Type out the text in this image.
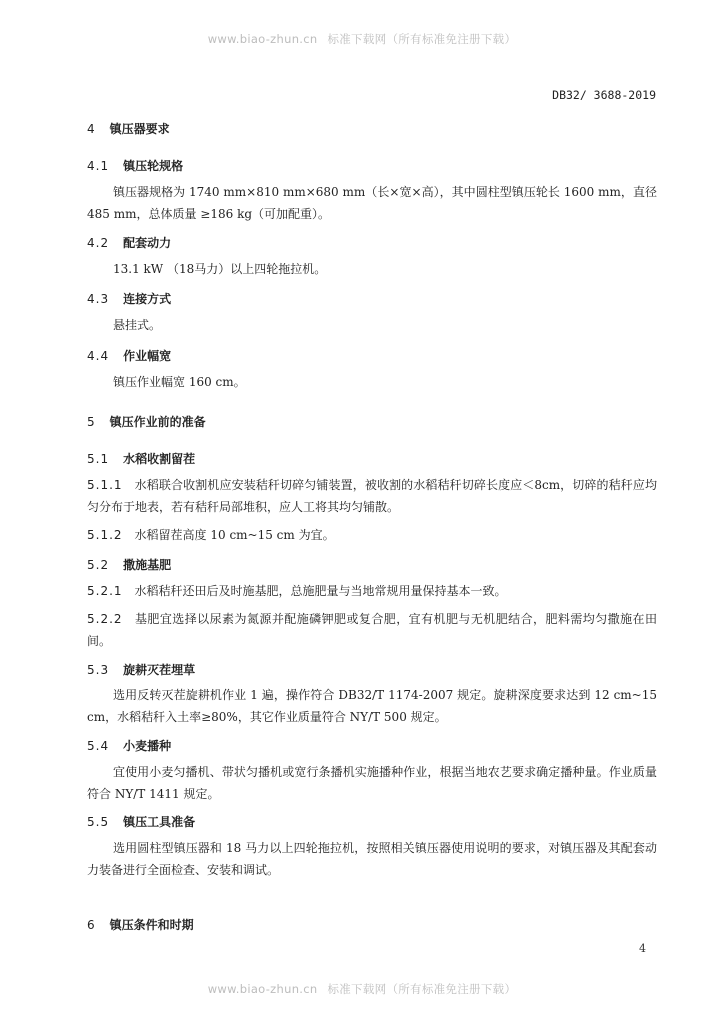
www.biao-zhun.cn 标准下载网（所有标准免注册下载）
DB32/ 3688-2019
4 镇压器要求
4.1 镇压轮规格
镇压器规格为 1740 mm×810 mm×680 mm（长×宽×高），其中圆柱型镇压轮长 1600 mm，直径 485 mm，总体质量 ≥186 kg（可加配重）。
4.2 配套动力
13.1 kW （18马力）以上四轮拖拉机。
4.3 连接方式
悬挂式。
4.4 作业幅宽
镇压作业幅宽 160 cm。
5 镇压作业前的准备
5.1 水稻收割留茬
5.1.1 水稻联合收割机应安装秸秆切碎匀铺装置，被收割的水稻秸秆切碎长度应＜8cm，切碎的秸秆应均匀分布于地表，若有秸秆局部堆积，应人工将其均匀铺散。
5.1.2 水稻留茬高度 10 cm~15 cm 为宜。
5.2 撒施基肥
5.2.1 水稻秸秆还田后及时施基肥，总施肥量与当地常规用量保持基本一致。
5.2.2 基肥宜选择以尿素为氮源并配施磷钾肥或复合肥，宜有机肥与无机肥结合，肥料需均匀撒施在田间。
5.3 旋耕灭茬埋草
选用反转灭茬旋耕机作业 1 遍，操作符合 DB32/T 1174-2007 规定。旋耕深度要求达到 12 cm~15 cm，水稻秸秆入土率≥80%，其它作业质量符合 NY/T 500 规定。
5.4 小麦播种
宜使用小麦匀播机、带状匀播机或宽行条播机实施播种作业，根据当地农艺要求确定播种量。作业质量符合 NY/T 1411 规定。
5.5 镇压工具准备
选用圆柱型镇压器和 18 马力以上四轮拖拉机，按照相关镇压器使用说明的要求，对镇压器及其配套动力装备进行全面检查、安装和调试。
6 镇压条件和时期
4
www.biao-zhun.cn 标准下载网（所有标准免注册下载）
